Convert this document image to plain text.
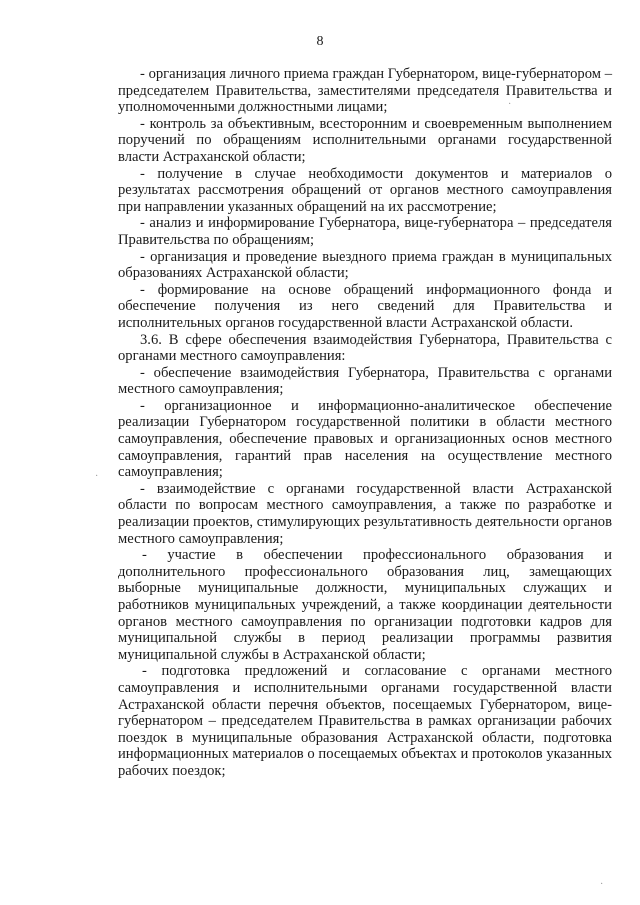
8

- организация личного приема граждан Губернатором, вице-губернатором – председателем Правительства, заместителями председателя Правительства и уполномоченными должностными лицами;

- контроль за объективным, всесторонним и своевременным выполнением поручений по обращениям исполнительными органами государственной власти Астраханской области;

- получение в случае необходимости документов и материалов о результатах рассмотрения обращений от органов местного самоуправления при направлении указанных обращений на их рассмотрение;

- анализ и информирование Губернатора, вице-губернатора – председателя Правительства по обращениям;

- организация и проведение выездного приема граждан в муниципальных образованиях Астраханской области;

- формирование на основе обращений информационного фонда и обеспечение получения из него сведений для Правительства и исполнительных органов государственной власти Астраханской области.

3.6. В сфере обеспечения взаимодействия Губернатора, Правительства с органами местного самоуправления:

- обеспечение взаимодействия Губернатора, Правительства с органами местного самоуправления;

- организационное и информационно-аналитическое обеспечение реализации Губернатором государственной политики в области местного самоуправления, обеспечение правовых и организационных основ местного самоуправления, гарантий прав населения на осуществление местного самоуправления;

- взаимодействие с органами государственной власти Астраханской области по вопросам местного самоуправления, а также по разработке и реализации проектов, стимулирующих результативность деятельности органов местного самоуправления;

- участие в обеспечении профессионального образования и дополнительного профессионального образования лиц, замещающих выборные муниципальные должности, муниципальных служащих и работников муниципальных учреждений, а также координации деятельности органов местного самоуправления по организации подготовки кадров для муниципальной службы в период реализации программы развития муниципальной службы в Астраханской области;

- подготовка предложений и согласование с органами местного самоуправления и исполнительными органами государственной власти Астраханской области перечня объектов, посещаемых Губернатором, вице-губернатором – председателем Правительства в рамках организации рабочих поездок в муниципальные образования Астраханской области, подготовка информационных материалов о посещаемых объектах и протоколов указанных рабочих поездок;

·
·
·
